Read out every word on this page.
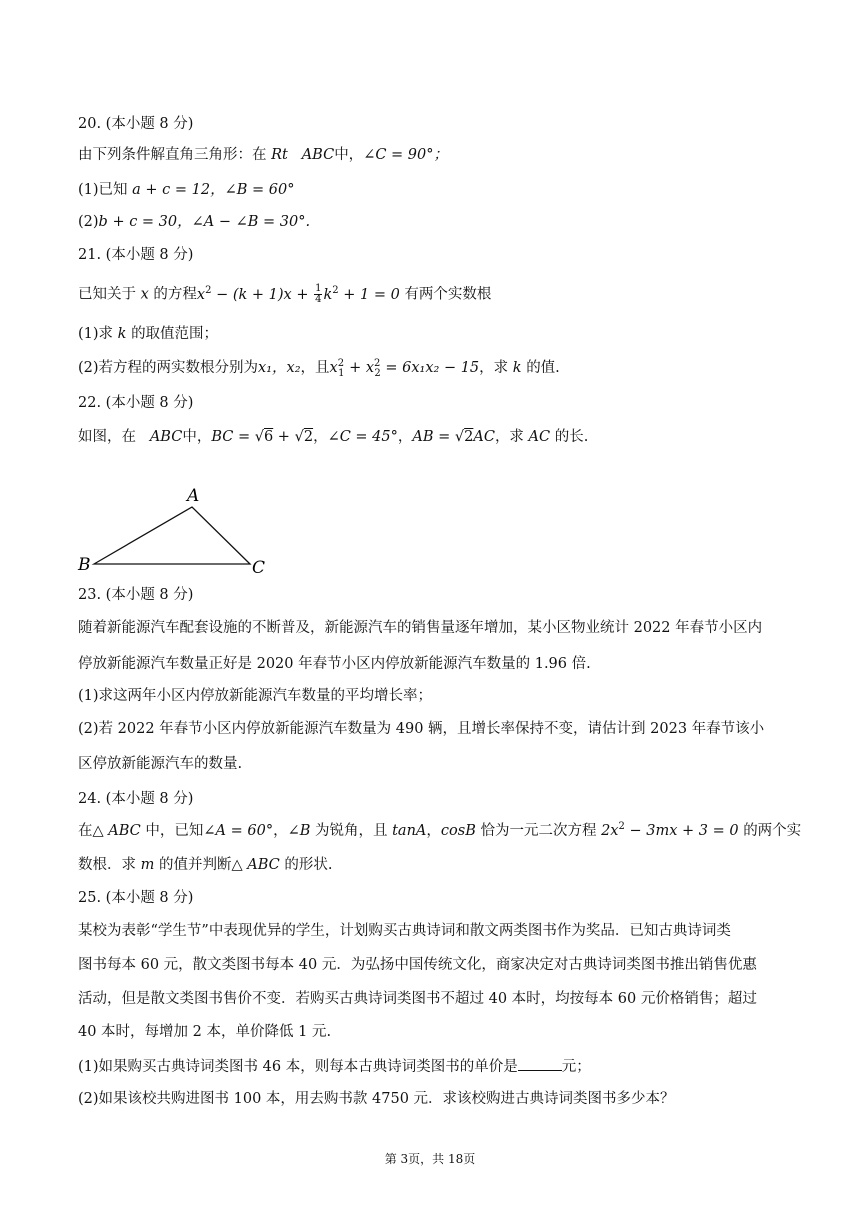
20. (本小题 8 分)
由下列条件解直角三角形：在 Rt ABC中，∠C = 90°；
(1)已知 a + c = 12，∠B = 60°
(2)b + c = 30，∠A − ∠B = 30°.
21. (本小题 8 分)
已知关于 x 的方程$x^2 - (k + 1)x + \frac{1}{4} k^2 + 1 = 0$ 有两个实数根
(1)求 k 的取值范围；
(2)若方程的两实数根分别为x₁，x₂，且$x^2_1 + x^2_2 = 6x_1x_2 - 15$，求 k 的值.
22. (本小题 8 分)
如图，在 ABC中，BC = √6 + √2，∠C = 45°，AB = √2AC，求 AC 的长.
A
B	C
23. (本小题 8 分)
随着新能源汽车配套设施的不断普及，新能源汽车的销售量逐年增加，某小区物业统计 2022 年春节小区内
停放新能源汽车数量正好是 2020 年春节小区内停放新能源汽车数量的 1.96 倍.
(1)求这两年小区内停放新能源汽车数量的平均增长率；
(2)若 2022 年春节小区内停放新能源汽车数量为 490 辆，且增长率保持不变，请估计到 2023 年春节该小
区停放新能源汽车的数量.
24. (本小题 8 分)
在△ ABC 中，已知∠A = 60°，∠B 为锐角，且 tanA，cosB 恰为一元二次方程 $2x^2 - 3mx + 3 = 0$ 的两个实
数根．求 m 的值并判断△ ABC 的形状.
25. (本小题 8 分)
某校为表彰“学生节”中表现优异的学生，计划购买古典诗词和散文两类图书作为奖品．已知古典诗词类
图书每本 60 元，散文类图书每本 40 元．为弘扬中国传统文化，商家决定对古典诗词类图书推出销售优惠
活动，但是散文类图书售价不变．若购买古典诗词类图书不超过 40 本时，均按每本 60 元价格销售；超过
40 本时，每增加 2 本，单价降低 1 元.
(1)如果购买古典诗词类图书 46 本，则每本古典诗词类图书的单价是	元；
(2)如果该校共购进图书 100 本，用去购书款 4750 元．求该校购进古典诗词类图书多少本？
第 3页，共 18页
